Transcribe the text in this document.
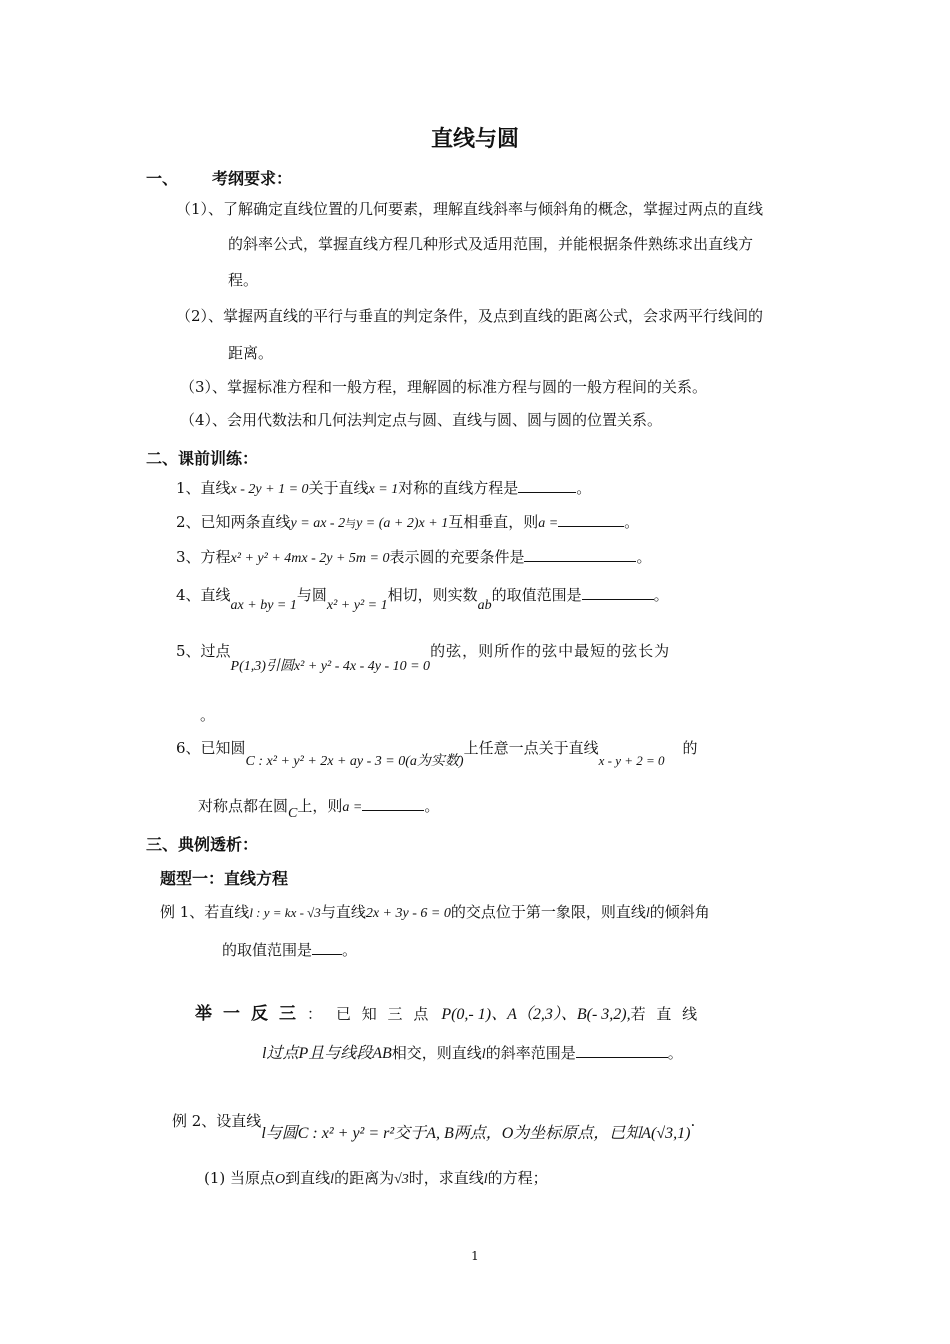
直线与圆
一、 考纲要求：
（1）、了解确定直线位置的几何要素，理解直线斜率与倾斜角的概念，掌握过两点的直线
的斜率公式，掌握直线方程几种形式及适用范围，并能根据条件熟练求出直线方
程。
（2）、掌握两直线的平行与垂直的判定条件，及点到直线的距离公式，会求两平行线间的
距离。
（3）、掌握标准方程和一般方程，理解圆的标准方程与圆的一般方程间的关系。
（4）、会用代数法和几何法判定点与圆、直线与圆、圆与圆的位置关系。
二、课前训练：
1、直线x - 2y + 1 = 0关于直线x = 1对称的直线方程是	。
2、已知两条直线y = ax - 2与y = (a + 2)x + 1互相垂直，则a =	。
3、方程x² + y² + 4mx - 2y + 5m = 0表示圆的充要条件是	。
4、直线ax + by = 1与圆x² + y² = 1相切，则实数ab的取值范围是	。
5、过点P(1,3)引圆x² + y² - 4x - 4y - 10 = 0的弦，则所作的弦中最短的弦长为
。
6、已知圆C : x² + y² + 2x + ay - 3 = 0(a为实数)上任意一点关于直线x - y + 2 = 0的
对称点都在圆C上，则a =	。
三、典例透析：
题型一：直线方程
例 1、若直线l : y = kx - √3与直线2x + 3y - 6 = 0的交点位于第一象限，则直线l的倾斜角
的取值范围是 。
举一反三： 已 知 三 点 P(0,- 1)、A（2,3）、B(- 3,2),若 直 线
l过点P且与线段AB相交，则直线l的斜率范围是	。
例 2、设直线l与圆C : x² + y² = r²交于A, B两点，O为坐标原点，已知A(√3,1).
(1) 当原点O到直线l的距离为√3时，求直线l的方程；
1
